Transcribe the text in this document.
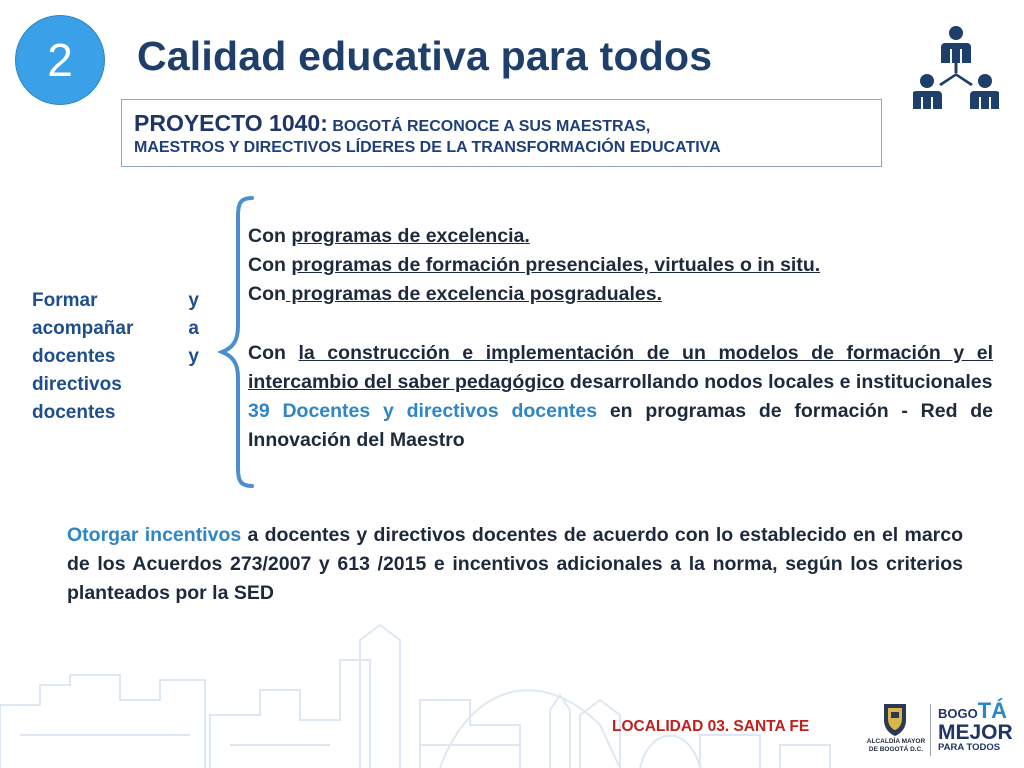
2 Calidad educativa para todos
PROYECTO 1040: BOGOTÁ RECONOCE A SUS MAESTRAS,
MAESTROS Y DIRECTIVOS LÍDERES DE LA TRANSFORMACIÓN EDUCATIVA
Formar	y
acompañar	a
docentes	y
directivos
docentes
Con programas de excelencia.
Con programas de formación presenciales, virtuales o in situ.
Con programas de excelencia posgraduales.
Con la construcción e implementación de un modelos de formación y el intercambio del saber pedagógico desarrollando nodos locales e institucionales
39 Docentes y directivos docentes en programas de formación - Red de Innovación del Maestro
Otorgar incentivos a docentes y directivos docentes de acuerdo con lo establecido en el marco de los Acuerdos 273/2007 y 613 /2015 e incentivos adicionales a la norma, según los criterios planteados por la SED
LOCALIDAD 03. SANTA FE
ALCALDÍA MAYOR
DE BOGOTÁ D.C.
BOGOTÁ
MEJOR
PARA TODOS
